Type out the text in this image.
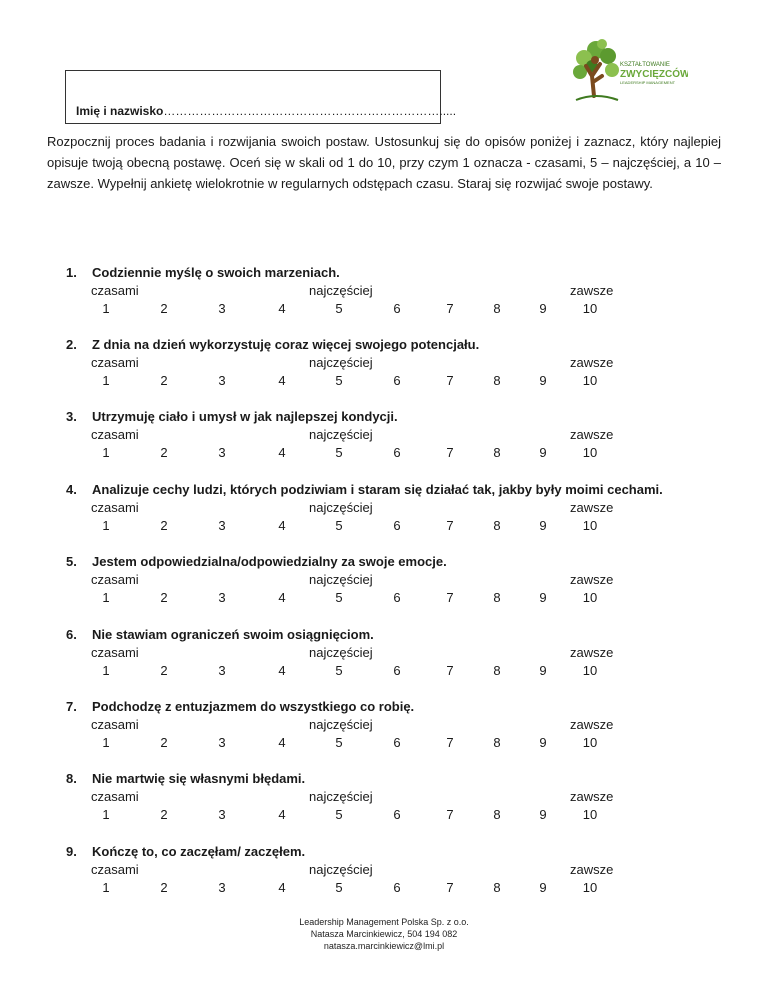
Imię i nazwisko…………………………………………………………….....
KSZTAŁTOWANIE
ZWYCIĘZCÓW
LEADERSHIP MANAGEMENT
Rozpocznij proces badania i rozwijania swoich postaw. Ustosunkuj się do opisów poniżej i zaznacz, który najlepiej opisuje twoją obecną postawę. Oceń się w skali od 1 do 10, przy czym 1 oznacza - czasami, 5 – najczęściej, a 10 – zawsze. Wypełnij ankietę wielokrotnie w regularnych odstępach czasu. Staraj się rozwijać swoje postawy.
1. Codziennie myślę o swoich marzeniach.
czasami	najczęściej	zawsze
1	2	3	4	5	6	7	8	9	10
2. Z dnia na dzień wykorzystuję coraz więcej swojego potencjału.
czasami	najczęściej	zawsze
1	2	3	4	5	6	7	8	9	10
3. Utrzymuję ciało i umysł w jak najlepszej kondycji.
czasami	najczęściej	zawsze
1	2	3	4	5	6	7	8	9	10
4. Analizuje cechy ludzi, których podziwiam i staram się działać tak, jakby były moimi cechami.
czasami	najczęściej	zawsze
1	2	3	4	5	6	7	8	9	10
5. Jestem odpowiedzialna/odpowiedzialny za swoje emocje.
czasami	najczęściej	zawsze
1	2	3	4	5	6	7	8	9	10
6. Nie stawiam ograniczeń swoim osiągnięciom.
czasami	najczęściej	zawsze
1	2	3	4	5	6	7	8	9	10
7. Podchodzę z entuzjazmem do wszystkiego co robię.
czasami	najczęściej	zawsze
1	2	3	4	5	6	7	8	9	10
8. Nie martwię się własnymi błędami.
czasami	najczęściej	zawsze
1	2	3	4	5	6	7	8	9	10
9. Kończę to, co zaczęłam/ zaczęłem.
czasami	najczęściej	zawsze
1	2	3	4	5	6	7	8	9	10
Leadership Management Polska Sp. z o.o.
Natasza Marcinkiewicz, 504 194 082
natasza.marcinkiewicz@lmi.pl
